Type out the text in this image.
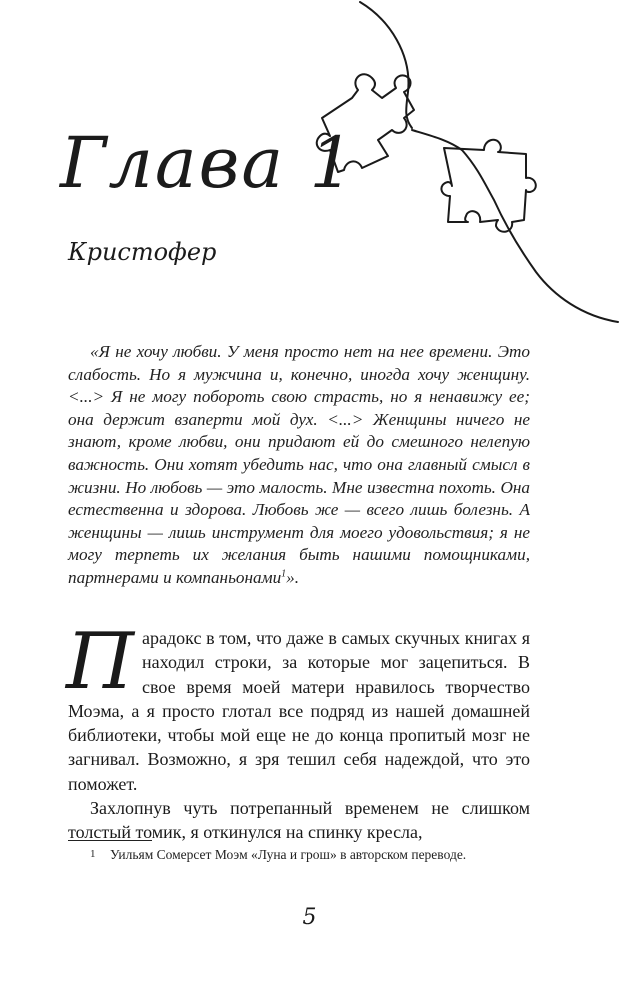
Глава 1
Кристофер

«Я не хочу любви. У меня просто нет на нее времени. Это слабость. Но я мужчина и, конечно, иногда хочу женщину. <...> Я не могу побороть свою страсть, но я ненавижу ее; она держит взаперти мой дух. <...> Женщины ничего не знают, кроме любви, они придают ей до смешного нелепую важность. Они хотят убедить нас, что она главный смысл в жизни. Но любовь — это малость. Мне известна похоть. Она естественна и здорова. Любовь же — всего лишь болезнь. А женщины — лишь инструмент для моего удовольствия; я не могу терпеть их желания быть нашими помощниками, партнерами и компаньонами$^1$».

Парадокс в том, что даже в самых скучных книгах я находил строки, за которые мог зацепиться. В свое время моей матери нравилось творчество Моэма, а я просто глотал все подряд из нашей домашней библиотеки, чтобы мой еще не до конца пропитый мозг не загнивал. Возможно, я зря тешил себя надеждой, что это поможет.

Захлопнув чуть потрепанный временем не слишком толстый томик, я откинулся на спинку кресла,

1 Уильям Сомерсет Моэм «Луна и грош» в авторском переводе.

5
